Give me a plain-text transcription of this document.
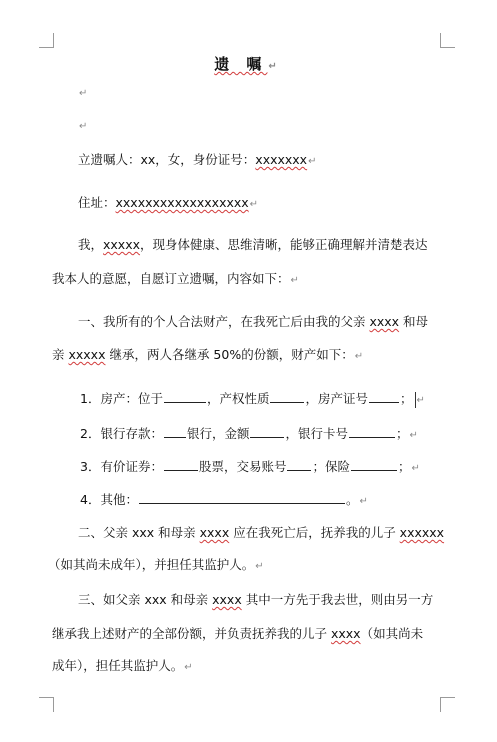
遗 嘱↵
↵
↵
立遗嘱人：xx，女，身份证号：xxxxxxx↵
住址：xxxxxxxxxxxxxxxxxx↵
我，xxxxx，现身体健康、思维清晰，能够正确理解并清楚表达
我本人的意愿，自愿订立遗嘱，内容如下：↵
一、我所有的个人合法财产，在我死亡后由我的父亲 xxxx 和母
亲 xxxxx 继承，两人各继承 50%的份额，财产如下：↵
1．房产：位于	，产权性质	，房产证号	； ↵
2．银行存款： 银行，金额	，银行卡号	；↵
3．有价证券：	股票，交易账号 ；保险	；↵
4．其他：	。↵
二、父亲 xxx 和母亲 xxxx 应在我死亡后，抚养我的儿子 xxxxxx
（如其尚未成年），并担任其监护人。↵
三、如父亲 xxx 和母亲 xxxx 其中一方先于我去世，则由另一方
继承我上述财产的全部份额，并负责抚养我的儿子 xxxx（如其尚未
成年），担任其监护人。↵
